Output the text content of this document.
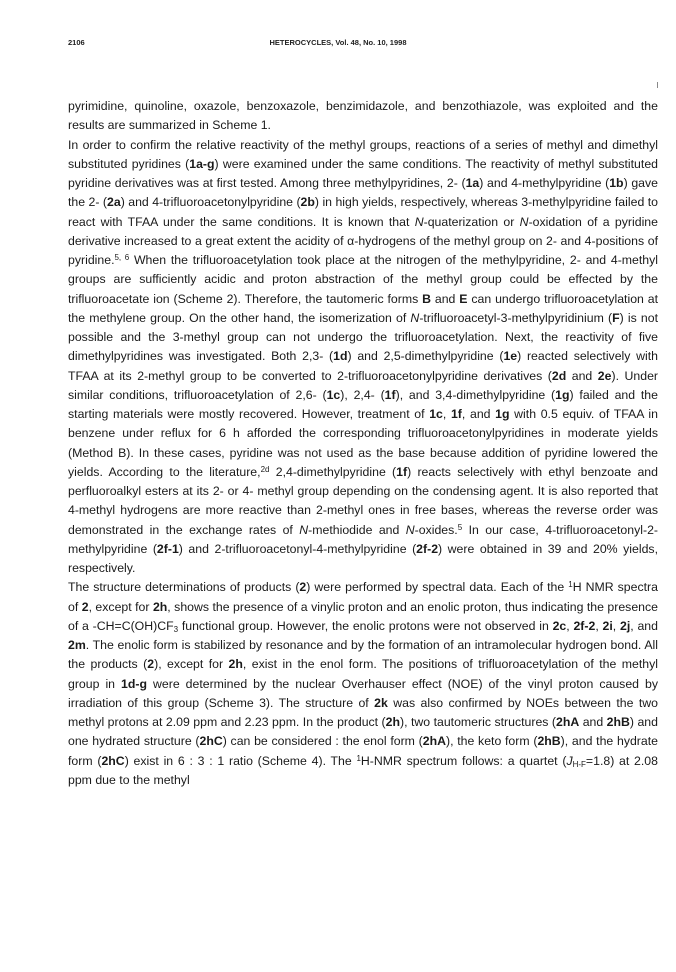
2106	HETEROCYCLES, Vol. 48, No. 10, 1998

pyrimidine, quinoline, oxazole, benzoxazole, benzimidazole, and benzothiazole, was exploited and the results are summarized in Scheme 1.

In order to confirm the relative reactivity of the methyl groups, reactions of a series of methyl and dimethyl substituted pyridines (1a-g) were examined under the same conditions. The reactivity of methyl substituted pyridine derivatives was at first tested. Among three methylpyridines, 2- (1a) and 4-methylpyridine (1b) gave the 2- (2a) and 4-trifluoroacetonylpyridine (2b) in high yields, respectively, whereas 3-methylpyridine failed to react with TFAA under the same conditions. It is known that N-quaterization or N-oxidation of a pyridine derivative increased to a great extent the acidity of α-hydrogens of the methyl group on 2- and 4-positions of pyridine.$^{5, 6}$ When the trifluoroacetylation took place at the nitrogen of the methylpyridine, 2- and 4-methyl groups are sufficiently acidic and proton abstraction of the methyl group could be effected by the trifluoroacetate ion (Scheme 2). Therefore, the tautomeric forms B and E can undergo trifluoroacetylation at the methylene group. On the other hand, the isomerization of N-trifluoroacetyl-3-methylpyridinium (F) is not possible and the 3-methyl group can not undergo the trifluoroacetylation. Next, the reactivity of five dimethylpyridines was investigated. Both 2,3- (1d) and 2,5-dimethylpyridine (1e) reacted selectively with TFAA at its 2-methyl group to be converted to 2-trifluoroacetonylpyridine derivatives (2d and 2e). Under similar conditions, trifluoroacetylation of 2,6- (1c), 2,4- (1f), and 3,4-dimethylpyridine (1g) failed and the starting materials were mostly recovered. However, treatment of 1c, 1f, and 1g with 0.5 equiv. of TFAA in benzene under reflux for 6 h afforded the corresponding trifluoroacetonylpyridines in moderate yields (Method B). In these cases, pyridine was not used as the base because addition of pyridine lowered the yields. According to the literature,$^{2d}$ 2,4-dimethylpyridine (1f) reacts selectively with ethyl benzoate and perfluoroalkyl esters at its 2- or 4- methyl group depending on the condensing agent. It is also reported that 4-methyl hydrogens are more reactive than 2-methyl ones in free bases, whereas the reverse order was demonstrated in the exchange rates of N-methiodide and N-oxides.$^5$ In our case, 4-trifluoroacetonyl-2-methylpyridine (2f-1) and 2-trifluoroacetonyl-4-methylpyridine (2f-2) were obtained in 39 and 20% yields, respectively.

The structure determinations of products (2) were performed by spectral data. Each of the $^1$H NMR spectra of 2, except for 2h, shows the presence of a vinylic proton and an enolic proton, thus indicating the presence of a $-CH=C(OH)CF_3$ functional group. However, the enolic protons were not observed in 2c, 2f-2, 2i, 2j, and 2m. The enolic form is stabilized by resonance and by the formation of an intramolecular hydrogen bond. All the products (2), except for 2h, exist in the enol form. The positions of trifluoroacetylation of the methyl group in 1d-g were determined by the nuclear Overhauser effect (NOE) of the vinyl proton caused by irradiation of this group (Scheme 3). The structure of 2k was also confirmed by NOEs between the two methyl protons at 2.09 ppm and 2.23 ppm. In the product (2h), two tautomeric structures (2hA and 2hB) and one hydrated structure (2hC) can be considered : the enol form (2hA), the keto form (2hB), and the hydrate form (2hC) exist in 6 : 3 : 1 ratio (Scheme 4). The $^1$H-NMR spectrum follows: a quartet $(J_{H-F}=1.8)$ at 2.08 ppm due to the methyl
